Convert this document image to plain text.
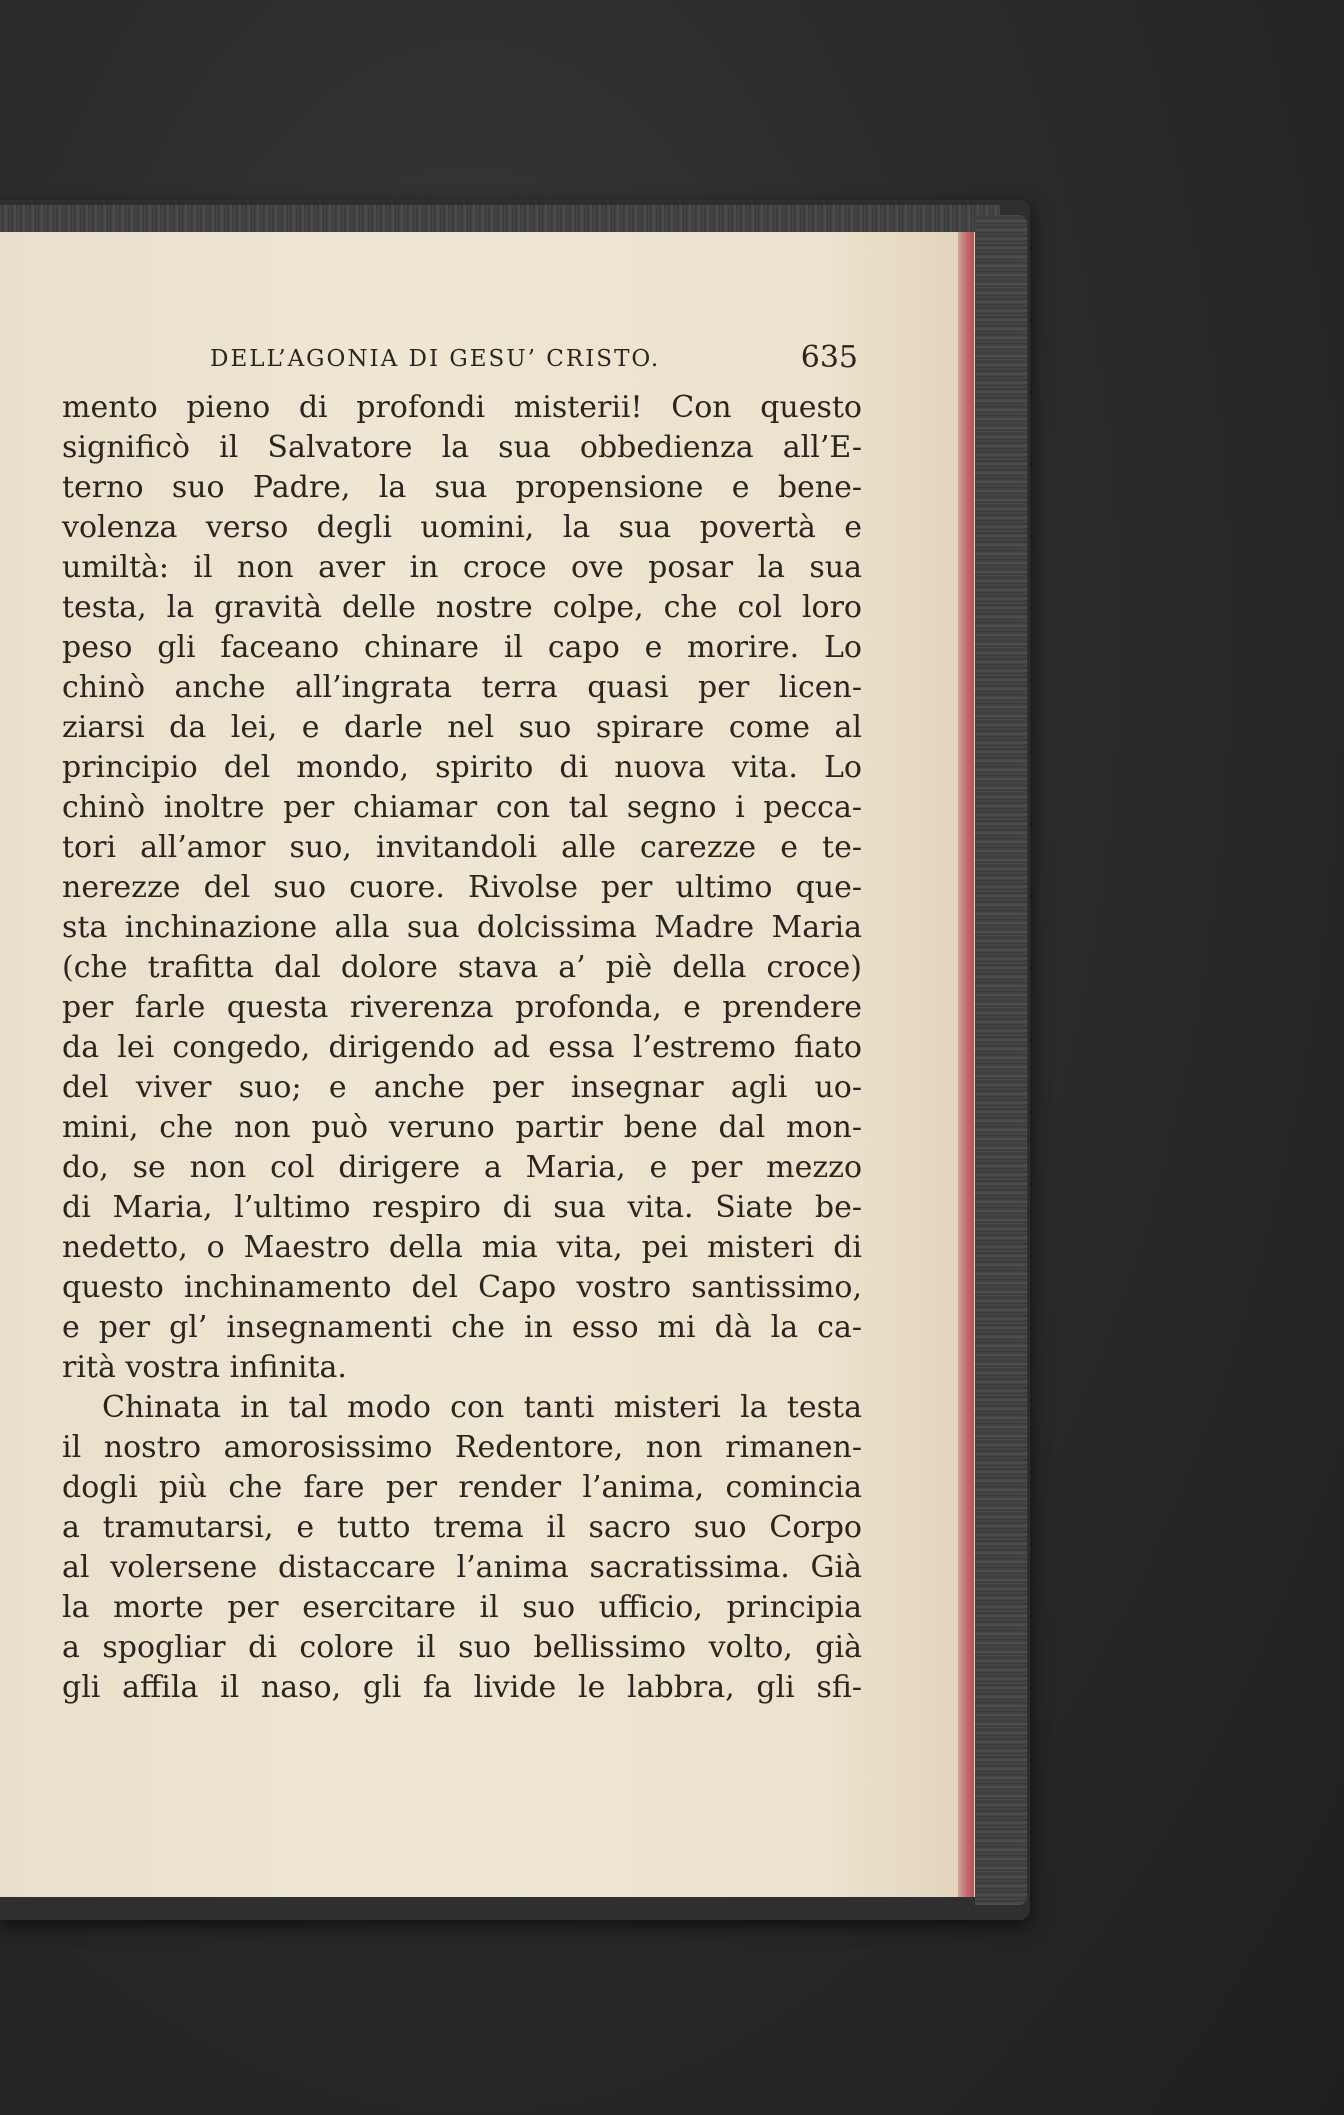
DELL’AGONIA DI GESU’ CRISTO.	635
mento pieno di profondi misterii! Con questo
significò il Salvatore la sua obbedienza all’E-
terno suo Padre, la sua propensione e bene-
volenza verso degli uomini, la sua povertà e
umiltà: il non aver in croce ove posar la sua
testa, la gravità delle nostre colpe, che col loro
peso gli faceano chinare il capo e morire. Lo
chinò anche all’ingrata terra quasi per licen-
ziarsi da lei, e darle nel suo spirare come al
principio del mondo, spirito di nuova vita. Lo
chinò inoltre per chiamar con tal segno i pecca-
tori all’amor suo, invitandoli alle carezze e te-
nerezze del suo cuore. Rivolse per ultimo que-
sta inchinazione alla sua dolcissima Madre Maria
(che trafitta dal dolore stava a’ piè della croce)
per farle questa riverenza profonda, e prendere
da lei congedo, dirigendo ad essa l’estremo fiato
del viver suo; e anche per insegnar agli uo-
mini, che non può veruno partir bene dal mon-
do, se non col dirigere a Maria, e per mezzo
di Maria, l’ultimo respiro di sua vita. Siate be-
nedetto, o Maestro della mia vita, pei misteri di
questo inchinamento del Capo vostro santissimo,
e per gl’ insegnamenti che in esso mi dà la ca-
rità vostra infinita.
Chinata in tal modo con tanti misteri la testa
il nostro amorosissimo Redentore, non rimanen-
dogli più che fare per render l’anima, comincia
a tramutarsi, e tutto trema il sacro suo Corpo
al volersene distaccare l’anima sacratissima. Già
la morte per esercitare il suo ufficio, principia
a spogliar di colore il suo bellissimo volto, già
gli affila il naso, gli fa livide le labbra, gli sfi-
